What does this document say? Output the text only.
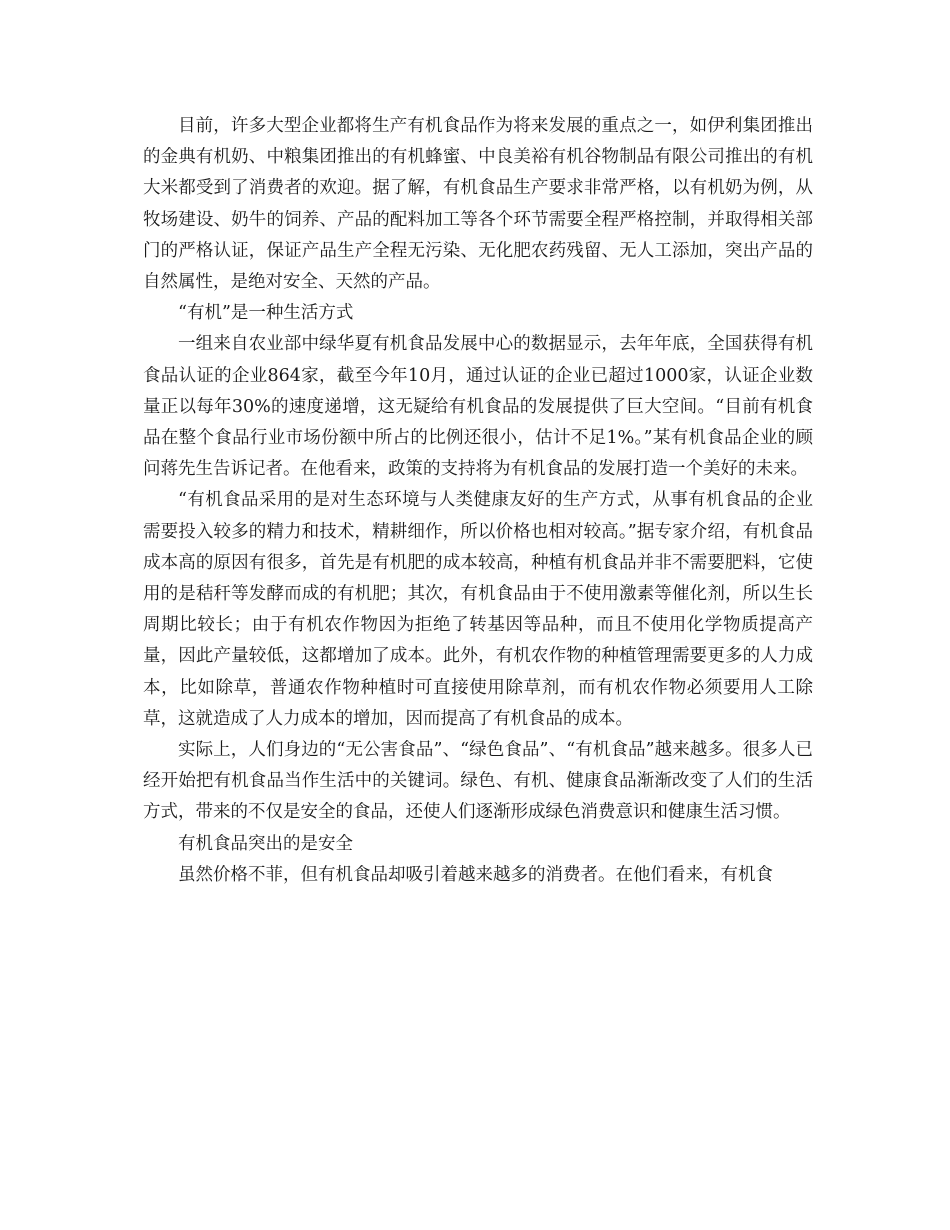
目前，许多大型企业都将生产有机食品作为将来发展的重点之一，如伊利集团推出的金典有机奶、中粮集团推出的有机蜂蜜、中良美裕有机谷物制品有限公司推出的有机大米都受到了消费者的欢迎。据了解，有机食品生产要求非常严格，以有机奶为例，从牧场建设、奶牛的饲养、产品的配料加工等各个环节需要全程严格控制，并取得相关部门的严格认证，保证产品生产全程无污染、无化肥农药残留、无人工添加，突出产品的自然属性，是绝对安全、天然的产品。

“有机”是一种生活方式

一组来自农业部中绿华夏有机食品发展中心的数据显示，去年年底，全国获得有机食品认证的企业864家，截至今年10月，通过认证的企业已超过1000家，认证企业数量正以每年30%的速度递增，这无疑给有机食品的发展提供了巨大空间。“目前有机食品在整个食品行业市场份额中所占的比例还很小，估计不足1%。”某有机食品企业的顾问蒋先生告诉记者。在他看来，政策的支持将为有机食品的发展打造一个美好的未来。

“有机食品采用的是对生态环境与人类健康友好的生产方式，从事有机食品的企业需要投入较多的精力和技术，精耕细作，所以价格也相对较高。”据专家介绍，有机食品成本高的原因有很多，首先是有机肥的成本较高，种植有机食品并非不需要肥料，它使用的是秸秆等发酵而成的有机肥；其次，有机食品由于不使用激素等催化剂，所以生长周期比较长；由于有机农作物因为拒绝了转基因等品种，而且不使用化学物质提高产量，因此产量较低，这都增加了成本。此外，有机农作物的种植管理需要更多的人力成本，比如除草，普通农作物种植时可直接使用除草剂，而有机农作物必须要用人工除草，这就造成了人力成本的增加，因而提高了有机食品的成本。

实际上，人们身边的“无公害食品”、“绿色食品”、“有机食品”越来越多。很多人已经开始把有机食品当作生活中的关键词。绿色、有机、健康食品渐渐改变了人们的生活方式，带来的不仅是安全的食品，还使人们逐渐形成绿色消费意识和健康生活习惯。

有机食品突出的是安全

虽然价格不菲，但有机食品却吸引着越来越多的消费者。在他们看来，有机食
